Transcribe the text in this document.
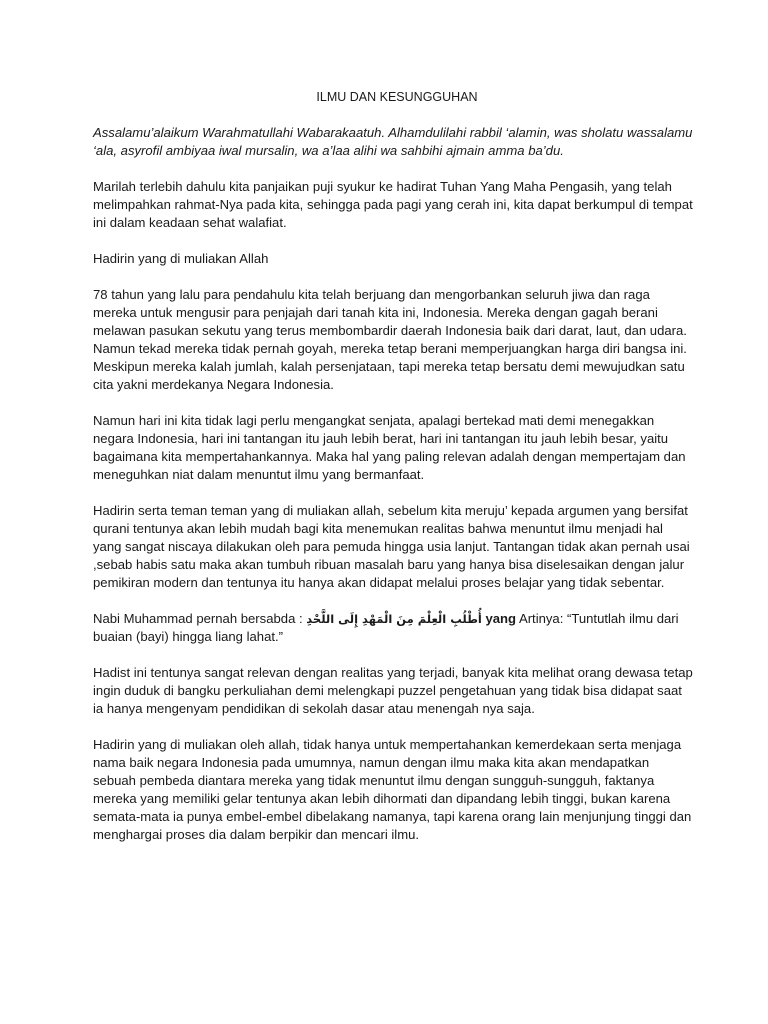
ILMU DAN KESUNGGUHAN

Assalamu’alaikum Warahmatullahi Wabarakaatuh. Alhamdulilahi rabbil ‘alamin, was sholatu wassalamu ‘ala, asyrofil ambiyaa iwal mursalin, wa a’laa alihi wa sahbihi ajmain amma ba’du.

Marilah terlebih dahulu kita panjaikan puji syukur ke hadirat Tuhan Yang Maha Pengasih, yang telah melimpahkan rahmat-Nya pada kita, sehingga pada pagi yang cerah ini, kita dapat berkumpul di tempat ini dalam keadaan sehat walafiat.

Hadirin yang di muliakan Allah

78 tahun yang lalu para pendahulu kita telah berjuang dan mengorbankan seluruh jiwa dan raga mereka untuk mengusir para penjajah dari tanah kita ini, Indonesia. Mereka dengan gagah berani melawan pasukan sekutu yang terus membombardir daerah Indonesia baik dari darat, laut, dan udara. Namun tekad mereka tidak pernah goyah, mereka tetap berani memperjuangkan harga diri bangsa ini. Meskipun mereka kalah jumlah, kalah persenjataan, tapi mereka tetap bersatu demi mewujudkan satu cita yakni merdekanya Negara Indonesia.

Namun hari ini kita tidak lagi perlu mengangkat senjata, apalagi bertekad mati demi menegakkan negara Indonesia, hari ini tantangan itu jauh lebih berat, hari ini tantangan itu jauh lebih besar, yaitu bagaimana kita mempertahankannya. Maka hal yang paling relevan adalah dengan mempertajam dan meneguhkan niat dalam menuntut ilmu yang bermanfaat.

Hadirin serta teman teman yang di muliakan allah, sebelum kita meruju’ kepada argumen yang bersifat qurani tentunya akan lebih mudah bagi kita menemukan realitas bahwa menuntut ilmu menjadi hal yang sangat niscaya dilakukan oleh para pemuda hingga usia lanjut. Tantangan tidak akan pernah usai ,sebab habis satu maka akan tumbuh ribuan masalah baru yang hanya bisa diselesaikan dengan jalur pemikiran modern dan tentunya itu hanya akan didapat melalui proses belajar yang tidak sebentar.

Nabi Muhammad pernah bersabda : أُطْلُبِ الْعِلْمَ مِنَ الْمَهْدِ إِلَى اللَّحْدِ yang Artinya: “Tuntutlah ilmu dari buaian (bayi) hingga liang lahat.”

Hadist ini tentunya sangat relevan dengan realitas yang terjadi, banyak kita melihat orang dewasa tetap ingin duduk di bangku perkuliahan demi melengkapi puzzel pengetahuan yang tidak bisa didapat saat ia hanya mengenyam pendidikan di sekolah dasar atau menengah nya saja.

Hadirin yang di muliakan oleh allah, tidak hanya untuk mempertahankan kemerdekaan serta menjaga nama baik negara Indonesia pada umumnya, namun dengan ilmu maka kita akan mendapatkan sebuah pembeda diantara mereka yang tidak menuntut ilmu dengan sungguh-sungguh, faktanya mereka yang memiliki gelar tentunya akan lebih dihormati dan dipandang lebih tinggi, bukan karena semata-mata ia punya embel-embel dibelakang namanya, tapi karena orang lain menjunjung tinggi dan menghargai proses dia dalam berpikir dan mencari ilmu.
